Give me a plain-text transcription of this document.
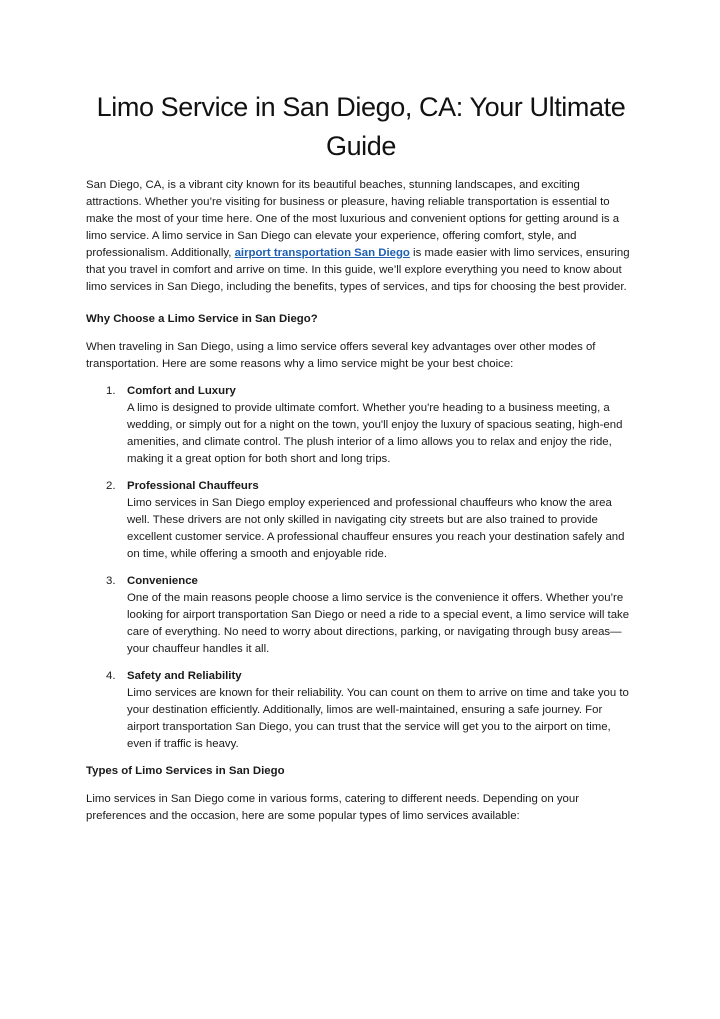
Limo Service in San Diego, CA: Your Ultimate Guide

San Diego, CA, is a vibrant city known for its beautiful beaches, stunning landscapes, and exciting attractions. Whether you’re visiting for business or pleasure, having reliable transportation is essential to make the most of your time here. One of the most luxurious and convenient options for getting around is a limo service. A limo service in San Diego can elevate your experience, offering comfort, style, and professionalism. Additionally, airport transportation San Diego is made easier with limo services, ensuring that you travel in comfort and arrive on time. In this guide, we’ll explore everything you need to know about limo services in San Diego, including the benefits, types of services, and tips for choosing the best provider.

Why Choose a Limo Service in San Diego?

When traveling in San Diego, using a limo service offers several key advantages over other modes of transportation. Here are some reasons why a limo service might be your best choice:

1. Comfort and Luxury
A limo is designed to provide ultimate comfort. Whether you're heading to a business meeting, a wedding, or simply out for a night on the town, you'll enjoy the luxury of spacious seating, high-end amenities, and climate control. The plush interior of a limo allows you to relax and enjoy the ride, making it a great option for both short and long trips.
2. Professional Chauffeurs
Limo services in San Diego employ experienced and professional chauffeurs who know the area well. These drivers are not only skilled in navigating city streets but are also trained to provide excellent customer service. A professional chauffeur ensures you reach your destination safely and on time, while offering a smooth and enjoyable ride.
3. Convenience
One of the main reasons people choose a limo service is the convenience it offers. Whether you’re looking for airport transportation San Diego or need a ride to a special event, a limo service will take care of everything. No need to worry about directions, parking, or navigating through busy areas—your chauffeur handles it all.
4. Safety and Reliability
Limo services are known for their reliability. You can count on them to arrive on time and take you to your destination efficiently. Additionally, limos are well-maintained, ensuring a safe journey. For airport transportation San Diego, you can trust that the service will get you to the airport on time, even if traffic is heavy.

Types of Limo Services in San Diego

Limo services in San Diego come in various forms, catering to different needs. Depending on your preferences and the occasion, here are some popular types of limo services available:
